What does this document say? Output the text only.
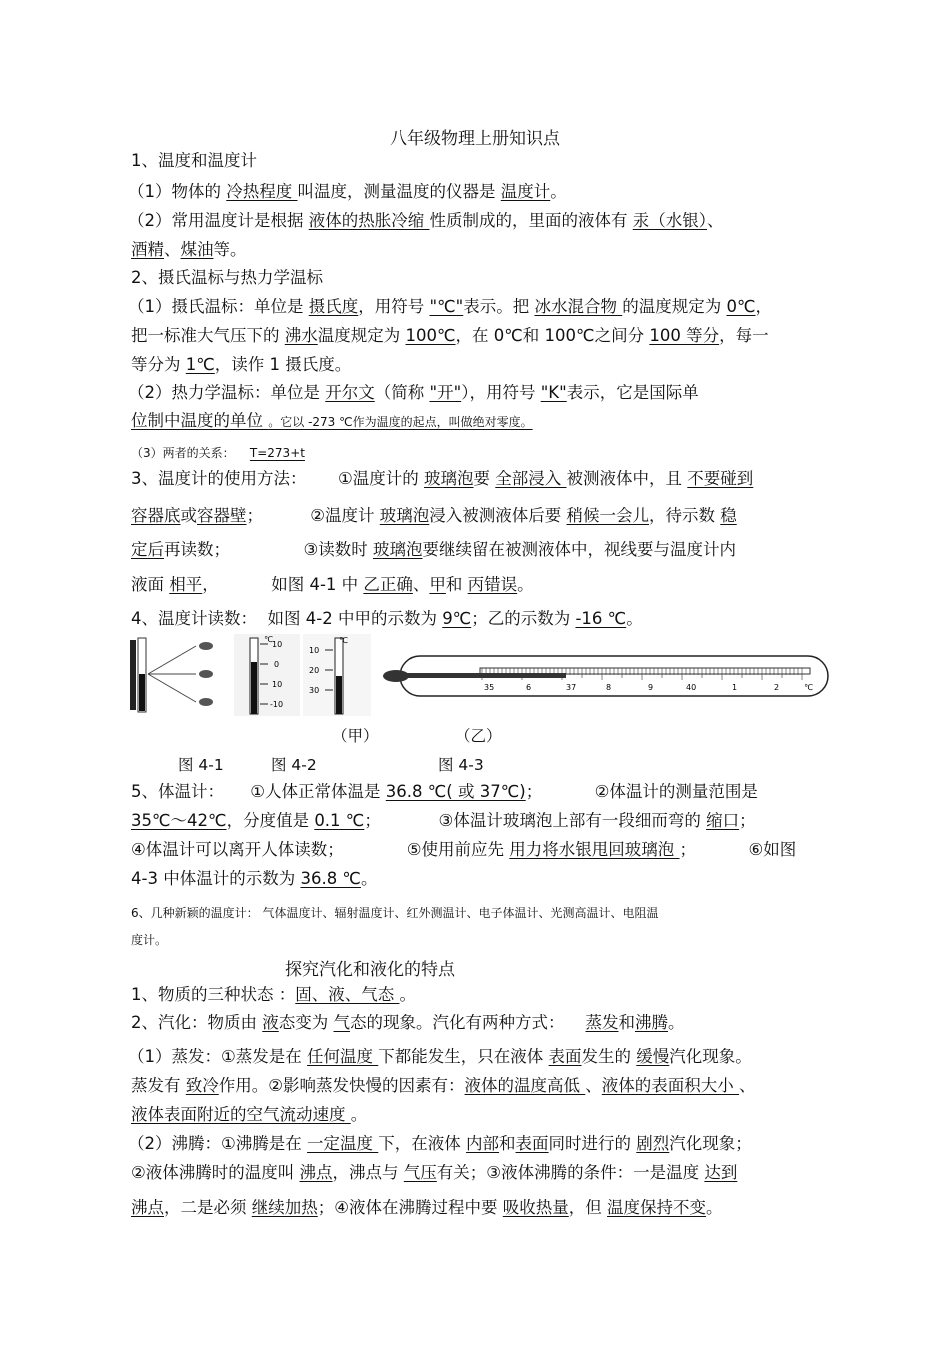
八年级物理上册知识点
1、温度和温度计
（1）物体的 冷热程度 叫温度，测量温度的仪器是 温度计。
（2）常用温度计是根据 液体的热胀冷缩 性质制成的，里面的液体有 汞（水银）、
酒精、煤油等。
2、摄氏温标与热力学温标
（1）摄氏温标：单位是 摄氏度，用符号 "℃"表示。把 冰水混合物 的温度规定为 0℃，
把一标准大气压下的 沸水温度规定为 100℃，在 0℃和 100℃之间分 100 等分，每一
等分为 1℃，读作 1 摄氏度。
（2）热力学温标：单位是 开尔文（简称 "开"），用符号 "K"表示，它是国际单
位制中温度的单位 。它以 -273 ℃作为温度的起点，叫做绝对零度。
（3）两者的关系： T=273+t
3、温度计的使用方法： ①温度计的 玻璃泡要 全部浸入 被测液体中，且 不要碰到
容器底或容器壁；	②温度计 玻璃泡浸入被测液体后要 稍候一会儿，待示数 稳
定后再读数；	③读数时 玻璃泡要继续留在被测液体中，视线要与温度计内
液面 相平，	如图 4-1 中 乙正确、甲和 丙错误。
4、温度计读数： 如图 4-2 中甲的示数为 9℃；乙的示数为 -16 ℃。
℃
10
0
10
-10
℃
10
20
30	35	6	37	8	9	40	1	2	℃
（甲）	（乙）
图 4-1	图 4-2	图 4-3
5、体温计： ①人体正常体温是 36.8 ℃( 或 37℃)；	②体温计的测量范围是
35℃～42℃，分度值是 0.1 ℃；	③体温计玻璃泡上部有一段细而弯的 缩口；
④体温计可以离开人体读数；	⑤使用前应先 用力将水银甩回玻璃泡 ；	⑥如图
4-3 中体温计的示数为 36.8 ℃。
6、几种新颖的温度计： 气体温度计、辐射温度计、红外测温计、电子体温计、光测高温计、电阻温
度计。
探究汽化和液化的特点
1、物质的三种状态 ：固、液、气态 。
2、汽化：物质由 液态变为 气态的现象。汽化有两种方式： 蒸发和沸腾。
（1）蒸发：①蒸发是在 任何温度 下都能发生，只在液体 表面发生的 缓慢汽化现象。
蒸发有 致冷作用。②影响蒸发快慢的因素有：液体的温度高低 、液体的表面积大小 、
液体表面附近的空气流动速度 。
（2）沸腾：①沸腾是在 一定温度 下，在液体 内部和表面同时进行的 剧烈汽化现象；
②液体沸腾时的温度叫 沸点，沸点与 气压有关；③液体沸腾的条件：一是温度 达到
沸点，二是必须 继续加热；④液体在沸腾过程中要 吸收热量，但 温度保持不变。
